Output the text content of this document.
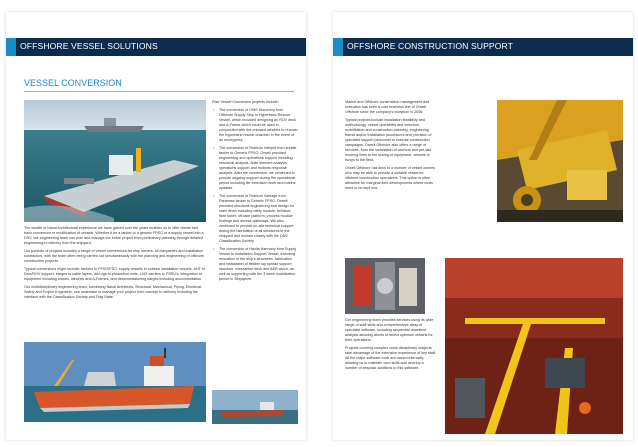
OFFSHORE VESSEL SOLUTIONS
VESSEL CONVERSION

The wealth of Naval Architectural experience we have gained over the years enables us to offer clients fast track conversion or modification of vessels. Whether it be a tanker to a generic FPSO or a supply vessel into a DSV, our engineering team can plan and manage the entire project from preliminary planning through detailed engineering to delivery from the shipyard.

Our portfolio of projects includes a range of vessel conversions for ship owners, oil companies and installation contractors, with the team often being carried out simultaneously with the planning and engineering of offshore construction projects.

Typical conversions might include: tankers to FPSO/FSO, supply vessels to subsea installation vessels, AHT to Dive/ROV support, barges to cable layers, drill rigs to production units, LNG carriers to FSRU's, integration of equipment including cranes, winches and A-Frames, and decommissioning barges including accommodation.

Our multidisciplinary engineering team, combining Naval Architects, Structural, Mechanical, Piping, Electrical, Safety and Project Engineers, can undertake to manage your project from concept to delivery including the interface with the Classification Society and Flag State.

Past Vessel Conversion projects include:
• The conversion of OMS Discovery from Offshore Supply Ship to Hyperbaric Rescue Vessel, which included designing an ROV deck and A-Frame which could be used in conjunction with the onboard winches to recover the hyperbaric rescue chamber in the event of an emergency.
• The conversion of Rubicon Intrepid from shuttle tanker to Generic FPSO. Orwell provided engineering and operations support including structural analysis, finite element analysis, operations support and motions response analysis. After the conversion, we continued to provide ongoing support during the operational period including life extension work and marine updates.
• The conversion of Rubicon Vantage from Panamax tanker to Generic FPSO. Orwell provided structural engineering and design for main items including utility module, helideck, flare tower, off-take platform, process module footings and access walkways. We also continued to provide on-site technical support during the fabrication of all structures in the shipyard and worked closely with the DNV Classification Society.
• The conversion of Havila Harmony from Supply Vessel to Installation Support Vessel, including relocation of the ship's structures, fabrication and installation of flexible lay spread support structure, mezzanine deck and A&R winch, as well as supporting with the 3 week mobilisation period in Singapore.
OFFSHORE CONSTRUCTION SUPPORT

Marine and Offshore construction management and execution has been a core business line of Orwell Offshore since the company's inception in 2006.

Typical projects include installation feasibility and methodology, vessel operability and selection, mobilisation and construction planning, engineering transit and/or installation procedures and provision of specialist support personnel to execute construction campaigns. Orwell Offshore also offers a range of services, from the installation of anchors and pre-laid mooring lines to the towing of equipment, vessels or buoys to the field.

Orwell Offshore has links to a number of vessel owners who may be able to provide a suitable vessel for offshore construction operations. This option is often attractive for marginal field developments where costs need to be kept low.

Our engineering team provides services using its wide range of staff skills and comprehensive array of specialist software, including sequential downtime analysis allowing clients to select optimum vessels for their operations.

Projects covering complex cross disciplinary subjects take advantage of the extensive experience of key staff. All the major software tools are owned internally, allowing us to maintain core skills and develop a number of bespoke additions to this software.
